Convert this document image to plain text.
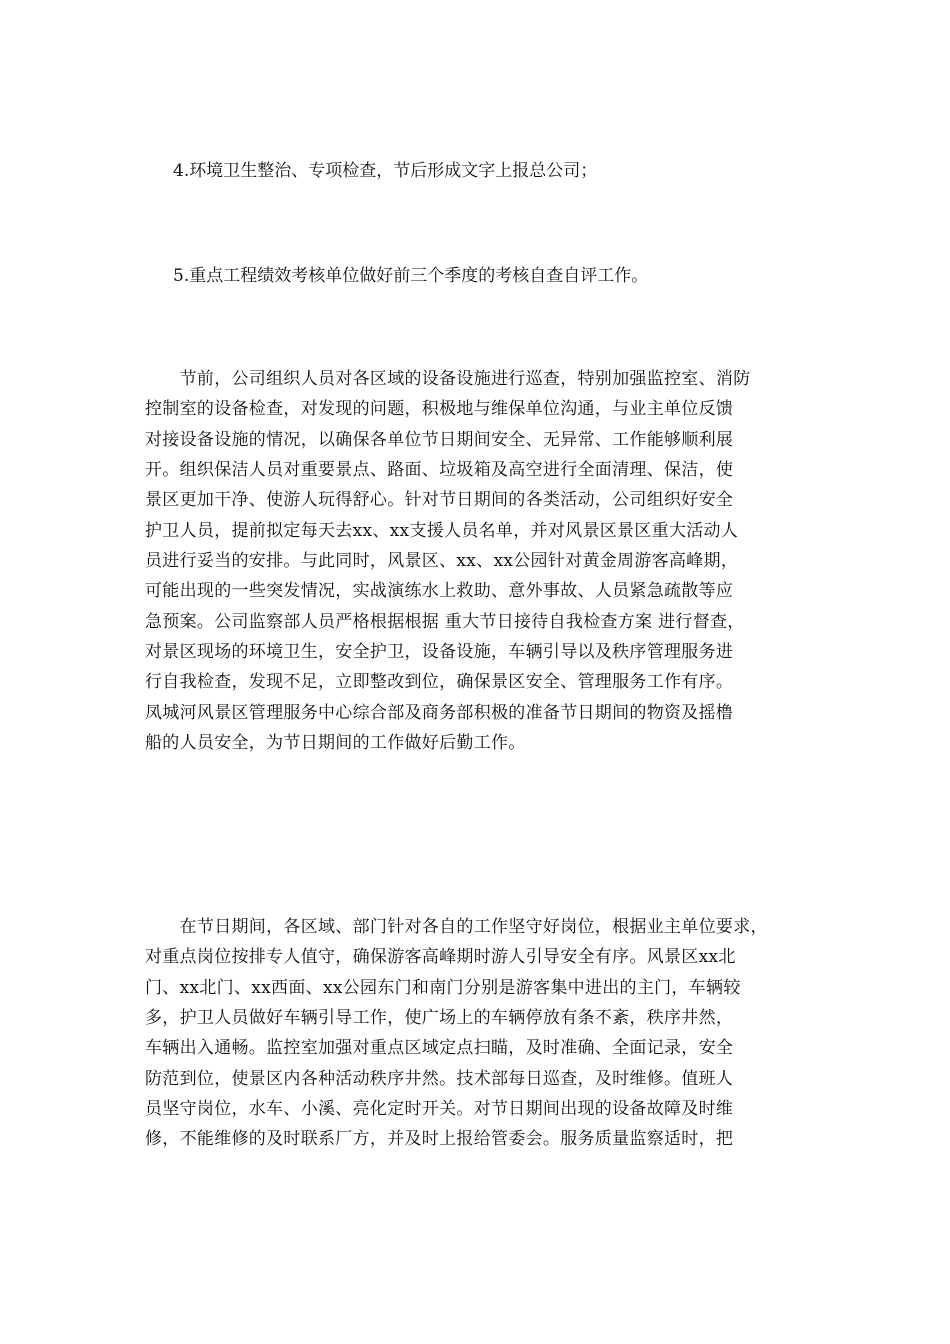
4.环境卫生整治、专项检查，节后形成文字上报总公司；

5.重点工程绩效考核单位做好前三个季度的考核自查自评工作。

　　节前，公司组织人员对各区域的设备设施进行巡查，特别加强监控室、消防
控制室的设备检查，对发现的问题，积极地与维保单位沟通，与业主单位反馈
对接设备设施的情况，以确保各单位节日期间安全、无异常、工作能够顺利展
开。组织保洁人员对重要景点、路面、垃圾箱及高空进行全面清理、保洁，使
景区更加干净、使游人玩得舒心。针对节日期间的各类活动，公司组织好安全
护卫人员，提前拟定每天去xx、xx支援人员名单，并对风景区景区重大活动人
员进行妥当的安排。与此同时，风景区、xx、xx公园针对黄金周游客高峰期，
可能出现的一些突发情况，实战演练水上救助、意外事故、人员紧急疏散等应
急预案。公司监察部人员严格根据根据 重大节日接待自我检查方案 进行督查，
对景区现场的环境卫生，安全护卫，设备设施，车辆引导以及秩序管理服务进
行自我检查，发现不足，立即整改到位，确保景区安全、管理服务工作有序。
凤城河风景区管理服务中心综合部及商务部积极的准备节日期间的物资及摇橹
船的人员安全，为节日期间的工作做好后勤工作。
　　在节日期间，各区域、部门针对各自的工作坚守好岗位，根据业主单位要求，
对重点岗位按排专人值守，确保游客高峰期时游人引导安全有序。风景区xx北
门、xx北门、xx西面、xx公园东门和南门分别是游客集中进出的主门，车辆较
多，护卫人员做好车辆引导工作，使广场上的车辆停放有条不紊，秩序井然，
车辆出入通畅。监控室加强对重点区域定点扫瞄，及时准确、全面记录，安全
防范到位，使景区内各种活动秩序井然。技术部每日巡查，及时维修。值班人
员坚守岗位，水车、小溪、亮化定时开关。对节日期间出现的设备故障及时维
修，不能维修的及时联系厂方，并及时上报给管委会。服务质量监察适时，把
